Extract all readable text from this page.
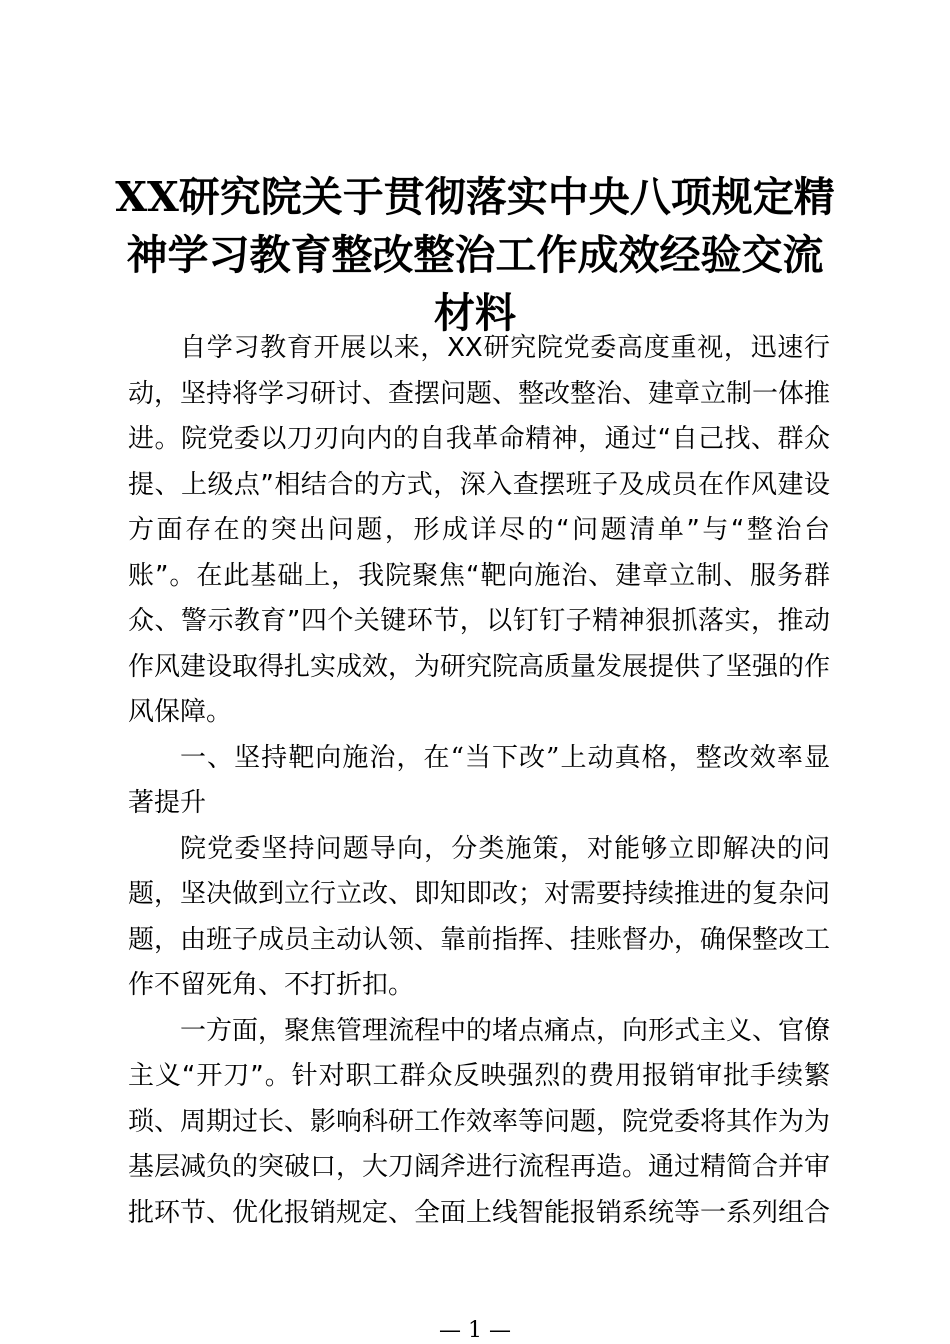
XX研究院关于贯彻落实中央八项规定精神学习教育整改整治工作成效经验交流材料

自学习教育开展以来，XX研究院党委高度重视，迅速行动，坚持将学习研讨、查摆问题、整改整治、建章立制一体推进。院党委以刀刃向内的自我革命精神，通过“自己找、群众提、上级点”相结合的方式，深入查摆班子及成员在作风建设方面存在的突出问题，形成详尽的“问题清单”与“整治台账”。在此基础上，我院聚焦“靶向施治、建章立制、服务群众、警示教育”四个关键环节，以钉钉子精神狠抓落实，推动作风建设取得扎实成效，为研究院高质量发展提供了坚强的作风保障。

一、坚持靶向施治，在“当下改”上动真格，整改效率显著提升

院党委坚持问题导向，分类施策，对能够立即解决的问题，坚决做到立行立改、即知即改；对需要持续推进的复杂问题，由班子成员主动认领、靠前指挥、挂账督办，确保整改工作不留死角、不打折扣。

一方面，聚焦管理流程中的堵点痛点，向形式主义、官僚主义“开刀”。针对职工群众反映强烈的费用报销审批手续繁琐、周期过长、影响科研工作效率等问题，院党委将其作为为基层减负的突破口，大刀阔斧进行流程再造。通过精简合并审批环节、优化报销规定、全面上线智能报销系统等一系列组合

— 1 —
